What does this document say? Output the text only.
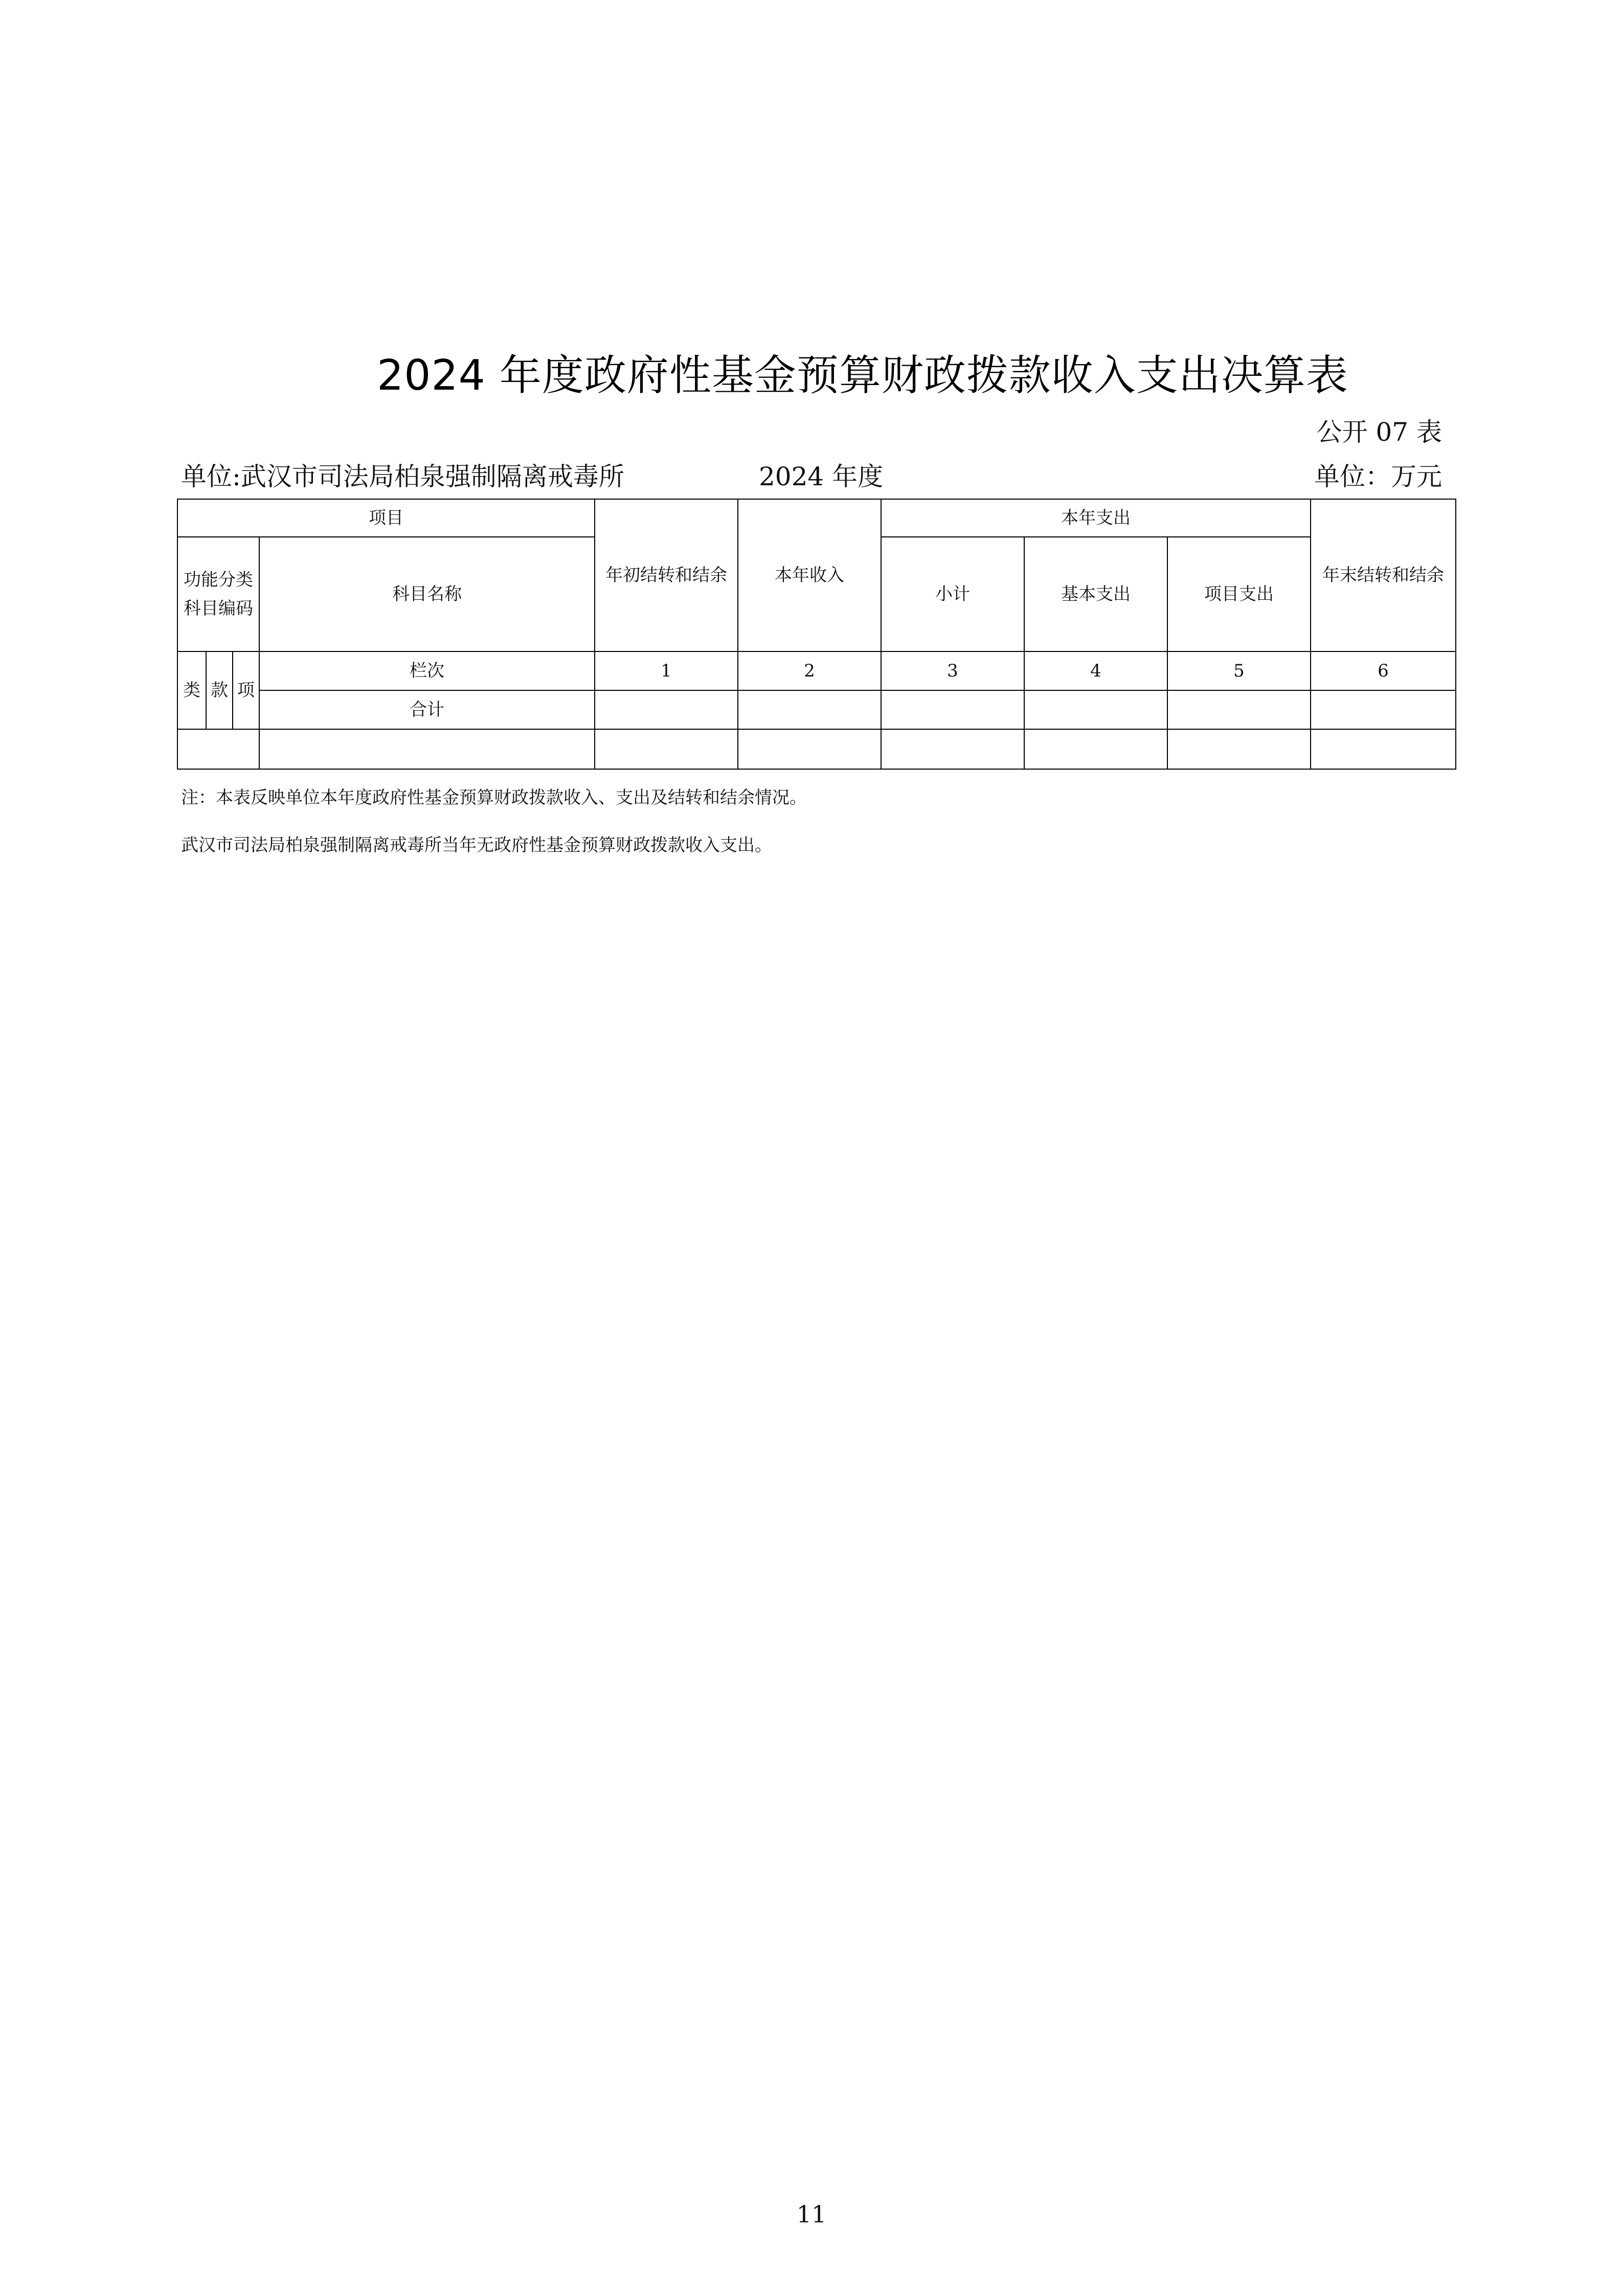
2024 年度政府性基金预算财政拨款收入支出决算表
公开 07 表
单位:武汉市司法局柏泉强制隔离戒毒所	2024 年度	单位：万元
项目				年初结转和结余	本年收入	本年支出			年末结转和结余
功能分类科目编码			科目名称			小计	基本支出	项目支出	
类	款	项	栏次	1	2	3	4	5	6
			合计						

注：本表反映单位本年度政府性基金预算财政拨款收入、支出及结转和结余情况。
武汉市司法局柏泉强制隔离戒毒所当年无政府性基金预算财政拨款收入支出。
11
